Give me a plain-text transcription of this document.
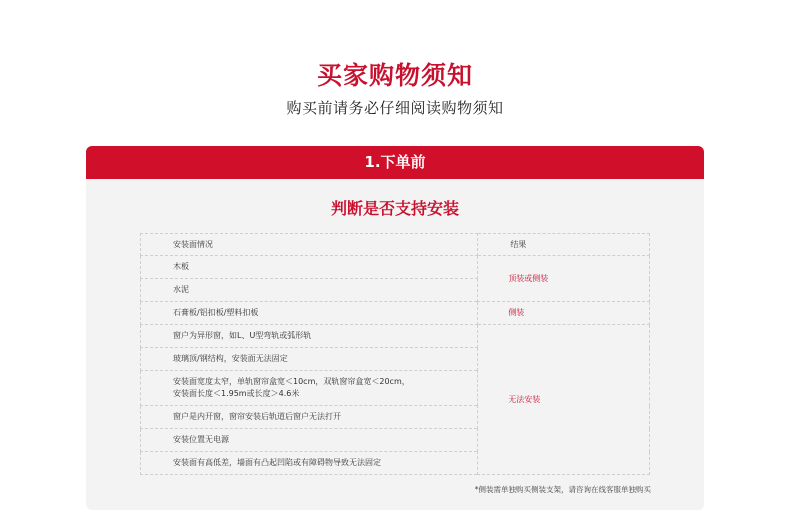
买家购物须知
购买前请务必仔细阅读购物须知
1.下单前
判断是否支持安装
安装面情况	结果
木板	顶装或侧装
水泥	
石膏板/铝扣板/塑料扣板	侧装
窗户为异形窗，如L、U型弯轨或弧形轨	无法安装
玻璃顶/钢结构，安装面无法固定	
安装面宽度太窄，单轨窗帘盒宽＜10cm，双轨窗帘盒宽＜20cm，
安装面长度＜1.95m或长度＞4.6米	
窗户是内开窗，窗帘安装后轨道后窗户无法打开	
安装位置无电源	
安装面有高低差，墙面有凸起凹陷或有障碍物导致无法固定	
*侧装需单独购买侧装支架，请咨询在线客服单独购买
